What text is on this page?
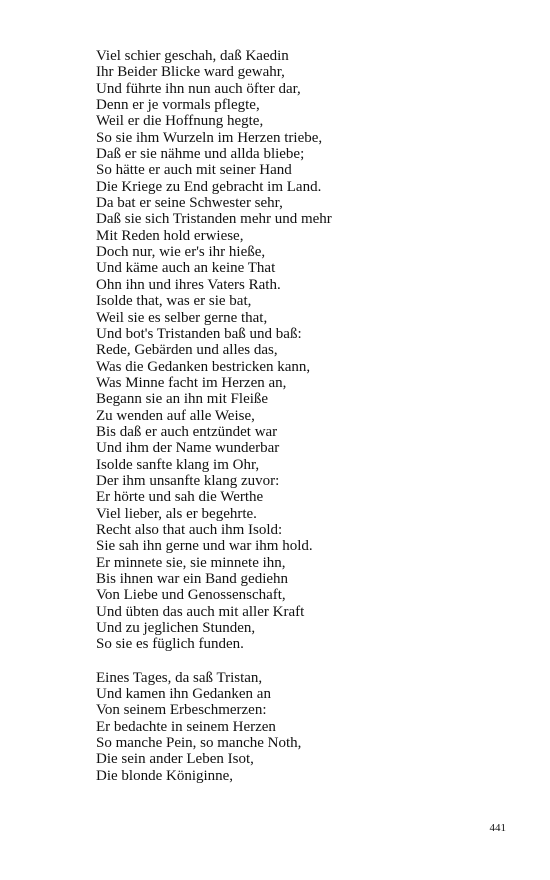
Viel schier geschah, daß Kaedin
Ihr Beider Blicke ward gewahr,
Und führte ihn nun auch öfter dar,
Denn er je vormals pflegte,
Weil er die Hoffnung hegte,
So sie ihm Wurzeln im Herzen triebe,
Daß er sie nähme und allda bliebe;
So hätte er auch mit seiner Hand
Die Kriege zu End gebracht im Land.
Da bat er seine Schwester sehr,
Daß sie sich Tristanden mehr und mehr
Mit Reden hold erwiese,
Doch nur, wie er's ihr hieße,
Und käme auch an keine That
Ohn ihn und ihres Vaters Rath.
Isolde that, was er sie bat,
Weil sie es selber gerne that,
Und bot's Tristanden baß und baß:
Rede, Gebärden und alles das,
Was die Gedanken bestricken kann,
Was Minne facht im Herzen an,
Begann sie an ihn mit Fleiße
Zu wenden auf alle Weise,
Bis daß er auch entzündet war
Und ihm der Name wunderbar
Isolde sanfte klang im Ohr,
Der ihm unsanfte klang zuvor:
Er hörte und sah die Werthe
Viel lieber, als er begehrte.
Recht also that auch ihm Isold:
Sie sah ihn gerne und war ihm hold.
Er minnete sie, sie minnete ihn,
Bis ihnen war ein Band gediehn
Von Liebe und Genossenschaft,
Und übten das auch mit aller Kraft
Und zu jeglichen Stunden,
So sie es füglich funden.
Eines Tages, da saß Tristan,
Und kamen ihn Gedanken an
Von seinem Erbeschmerzen:
Er bedachte in seinem Herzen
So manche Pein, so manche Noth,
Die sein ander Leben Isot,
Die blonde Königinne,
441
